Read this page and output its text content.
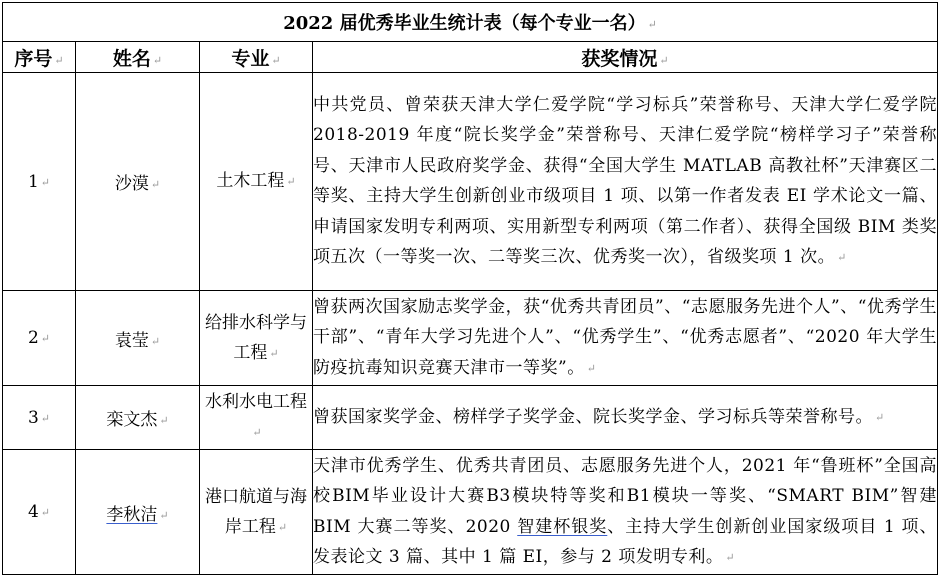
2022 届优秀毕业生统计表（每个专业一名） ↵			
序号 ↵	姓名 ↵	专业 ↵	获奖情况 ↵
1 ↵	沙漠 ↵	土木工程 ↵	中共党员、曾荣获天津大学仁爱学院“学习标兵”荣誉称号、天津大学仁爱学院 2018-2019 年度“院长奖学金”荣誉称号、天津仁爱学院“榜样学习子”荣誉称号、天津市人民政府奖学金、获得“全国大学生 MATLAB 高教社杯”天津赛区二等奖、主持大学生创新创业市级项目 1 项、以第一作者发表 EI 学术论文一篇、申请国家发明专利两项、实用新型专利两项（第二作者）、获得全国级 BIM 类奖项五次（一等奖一次、二等奖三次、优秀奖一次），省级奖项 1 次。 ↵
2 ↵	袁莹 ↵	给排水科学与工程 ↵	曾获两次国家励志奖学金，获“优秀共青团员”、“志愿服务先进个人”、“优秀学生干部”、“青年大学习先进个人”、“优秀学生”、“优秀志愿者”、“2020 年大学生防疫抗毒知识竞赛天津市一等奖”。 ↵
3 ↵	栾文杰 ↵	水利水电工程↵	曾获国家奖学金、榜样学子奖学金、院长奖学金、学习标兵等荣誉称号。 ↵
4 ↵	李秋洁 ↵	港口航道与海岸工程 ↵	天津市优秀学生、优秀共青团员、志愿服务先进个人，2021 年“鲁班杯”全国高校BIM毕业设计大赛B3模块特等奖和B1模块一等奖、“SMART BIM”智建 BIM 大赛二等奖、2020 智建杯银奖、主持大学生创新创业国家级项目 1 项、发表论文 3 篇、其中 1 篇 EI，参与 2 项发明专利。 ↵
